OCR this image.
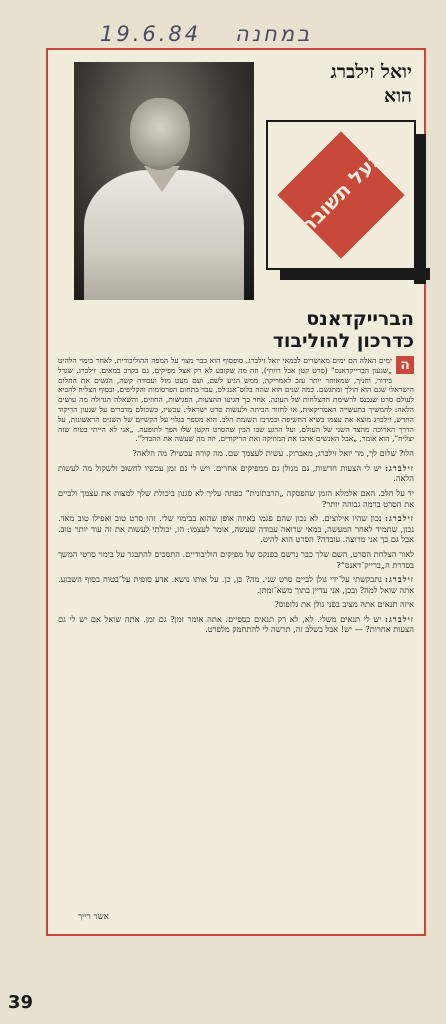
19.6.84 במחנה
יואל זילברג
הוא
בעל תשובה
הברייקדאנס
כדרכון להוליבוד

ה
ימים האלה הם ימים מאושרים לבמאי יואל זילברג. סופסוף הוא כבר מצוי על המפה ההוליבודית, לאחר בימוי הלהיט „שגעון הברייקדאנס” (סרט קטן אבל רווחי), וזה מה שקובע לא רק אצל מפיקים, גם בקרב במאים. זילברג, שגדל בידור, וחניך, שמאוחר יותר עזב לאמריקה, ממש הגיע לשם, ועם מעט מזל ועבודה קשה, הגשים את החלום הישראלי שגם הוא הולך ומתגשם. כמה שנים הוא שהה בלוס־אנג׳לס, עבד בתחום הפרסומות והקליפים, ובסוף הצליח להביא לעולם סרט שנכנס לרשימת ההצלחות של העונה. אחר כך הגיעו ההצעות, הפגישות, החוזים, והשאלה הגדולה מה עושים הלאה: להמשיך בתעשייה האמריקאית, או לחזור הביתה ולעשות סרט ישראלי. עכשיו, כשכולם מדברים על שגעון הריקוד החדש, זילברג מוצא את עצמו בשיא החשיפה ובמרכז תשומת הלב. הוא מספר בגלוי על הקשיים של השנים הראשונות, על הדרך הארוכה מהצד השני של העולם, ועל הרגע שבו הבין שהסרט הקטן שלו הפך לתופעה. „אני לא הייתי בטוח שזה יצליח”, הוא אומר, „אבל האנשים אהבו את המוזיקה ואת הריקודים, וזה מה שעשה את ההבדל”.

הלו? שלום לך, מר יואל זילברג, מאברוק. עשית לעצמך שם. מה קורה עכשיו? מה הלאה?

זילברג: יש לי הצעות חדשות, גם מגולן גם ממפיקים אחרים. ויש לי גם זמן עכשיו לחשוב ולשקול מה לעשות הלאה.

יד על הלב. האם אלמלא הזמן שהפסקה „הרבתונית” כפתה עליך לא סגנון ביכולת שלך למצות את עצמך ולביים את הסרט ברמה גבוהה יותר?

זילברג: נכון שהיו אילוצים. לא נכון שהם פגמו באיזה אופן שהוא בבימוי שלי. זהו סרט טוב ואפילו טוב מאד. נכון, שתמיד לאחר המעשה, במאי שרואה עבודה שעשה, אומר לעצמו: הו, יכולתי לעשות את זה עוד יותר טוב. אבל גם כך אני מרוצה. עובדה? הסרט הוא להיט.

לאור הצלחת הסרט, השם שלך כבר נרשם בפנקס של מפיקים הוליבודיים. התסכים להתבגר על בימוי סרטי המשך בסדרת ה„ברייק־דאנס”?

זילברג: נתבקשתי על־ידי גולן לביים סרט שני. מה? כן, כן. על אותו נושא. אדע סופית על־בטוח בסוף השבוע. אתה שואל למה? ובכן, אני עדיין בתוך משא־ומתן.

איזה תנאים אתה מציב בפני גולן את גלופוס?

זילברג: יש לי תנאים משלי. לא, לא רק תנאים כספיים. אתה אומר זמן? גם זמן. אתה שואל אם יש לי גם הצעות אחרות? — יש! אבל בשלב זה, תרשה לי להתחמק מלפרט.

אשר רייך
39
